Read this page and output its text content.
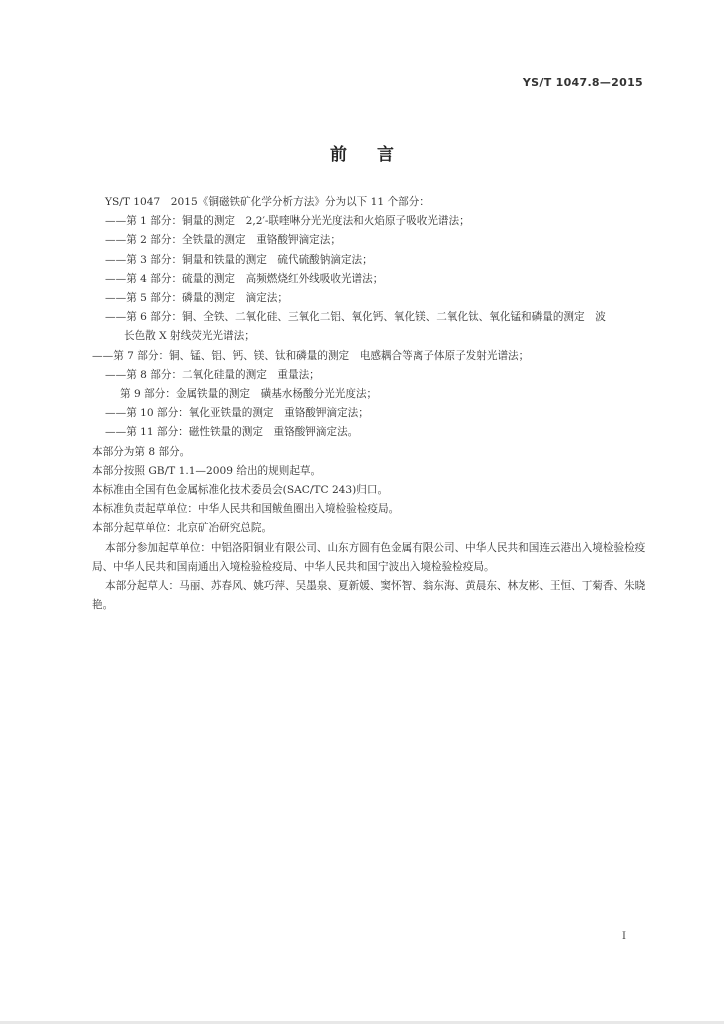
YS/T 1047.8—2015
前言
YS/T 1047　2015《铜磁铁矿化学分析方法》分为以下 11 个部分：
——第 1 部分：铜量的测定　2,2′-联喹啉分光光度法和火焰原子吸收光谱法；
——第 2 部分：全铁量的测定　重铬酸钾滴定法；
——第 3 部分：铜量和铁量的测定　硫代硫酸钠滴定法；
——第 4 部分：硫量的测定　高频燃烧红外线吸收光谱法；
——第 5 部分：磷量的测定　滴定法；
——第 6 部分：铜、全铁、二氧化硅、三氧化二铝、氧化钙、氧化镁、二氧化钛、氧化锰和磷量的测定　波
长色散 X 射线荧光光谱法；
——第 7 部分：铜、锰、铝、钙、镁、钛和磷量的测定　电感耦合等离子体原子发射光谱法；
——第 8 部分：二氧化硅量的测定　重量法；
第 9 部分：金属铁量的测定　磺基水杨酸分光光度法；
——第 10 部分：氧化亚铁量的测定　重铬酸钾滴定法；
——第 11 部分：磁性铁量的测定　重铬酸钾滴定法。
本部分为第 8 部分。
本部分按照 GB/T 1.1—2009 给出的规则起草。
本标准由全国有色金属标准化技术委员会(SAC/TC 243)归口。
本标准负责起草单位：中华人民共和国鲅鱼圈出入境检验检疫局。
本部分起草单位：北京矿冶研究总院。
本部分参加起草单位：中铝洛阳铜业有限公司、山东方圆有色金属有限公司、中华人民共和国连云港出入境检验检疫局、中华人民共和国南通出入境检验检疫局、中华人民共和国宁波出入境检验检疫局。
本部分起草人：马丽、苏春风、姚巧萍、吴墨泉、夏新媛、窦怀智、翁东海、黄晨东、林友彬、王恒、丁菊香、朱晓艳。
I
